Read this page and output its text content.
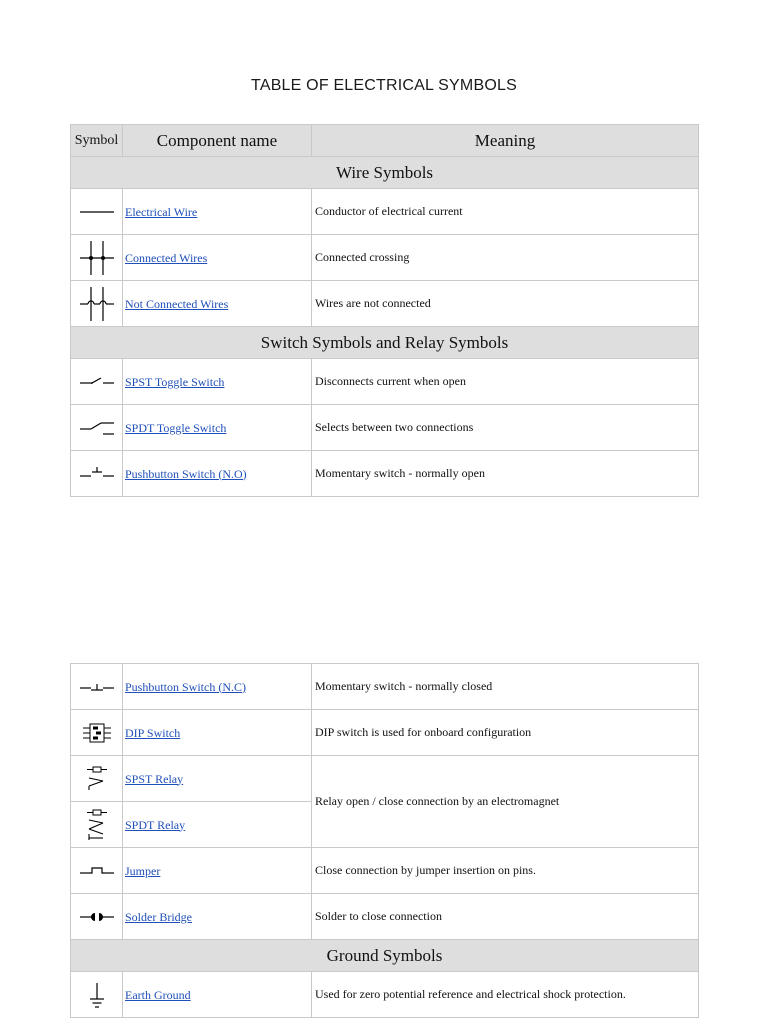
TABLE OF ELECTRICAL SYMBOLS
Symbol	Component name	Meaning
Wire Symbols		

	Electrical Wire	Conductor of electrical current

	Connected Wires	Connected crossing

	Not Connected Wires	Wires are not connected
Switch Symbols and Relay Symbols		

	SPST Toggle Switch	Disconnects current when open

	SPDT Toggle Switch	Selects between two connections

	Pushbutton Switch (N.O)	Momentary switch - normally open
	Pushbutton Switch (N.C)	Momentary switch - normally closed

	DIP Switch	DIP switch is used for onboard configuration

	SPST Relay	Relay open / close connection by an electromagnet

	SPDT Relay	

	Jumper	Close connection by jumper insertion on pins.

	Solder Bridge	Solder to close connection
Ground Symbols		

	Earth Ground	Used for zero potential reference and electrical shock protection.
